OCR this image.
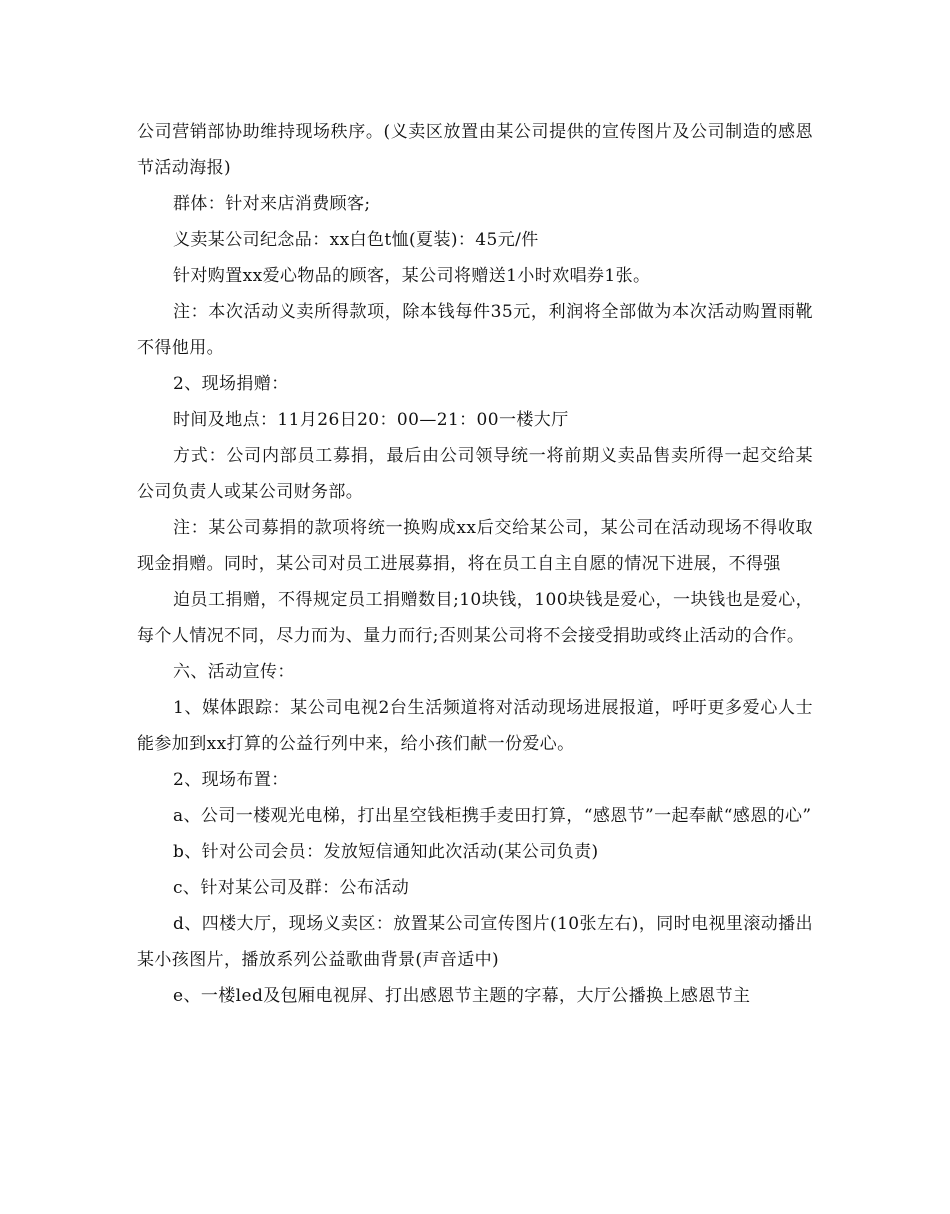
公司营销部协助维持现场秩序。(义卖区放置由某公司提供的宣传图片及公司制造的感恩节活动海报)

群体：针对来店消费顾客;

义卖某公司纪念品：xx白色t恤(夏装)：45元/件

针对购置xx爱心物品的顾客，某公司将赠送1小时欢唱券1张。

注：本次活动义卖所得款项，除本钱每件35元，利润将全部做为本次活动购置雨靴不得他用。

2、现场捐赠：

时间及地点：11月26日20：00—21：00一楼大厅

方式：公司内部员工募捐，最后由公司领导统一将前期义卖品售卖所得一起交给某公司负责人或某公司财务部。

注：某公司募捐的款项将统一换购成xx后交给某公司，某公司在活动现场不得收取现金捐赠。同时，某公司对员工进展募捐，将在员工自主自愿的情况下进展，不得强

迫员工捐赠，不得规定员工捐赠数目;10块钱，100块钱是爱心，一块钱也是爱心，每个人情况不同，尽力而为、量力而行;否则某公司将不会接受捐助或终止活动的合作。

六、活动宣传：

1、媒体跟踪：某公司电视2台生活频道将对活动现场进展报道，呼吁更多爱心人士能参加到xx打算的公益行列中来，给小孩们献一份爱心。

2、现场布置：

a、公司一楼观光电梯，打出星空钱柜携手麦田打算，“感恩节”一起奉献“感恩的心”

b、针对公司会员：发放短信通知此次活动(某公司负责)

c、针对某公司及群：公布活动

d、四楼大厅，现场义卖区：放置某公司宣传图片(10张左右)，同时电视里滚动播出某小孩图片，播放系列公益歌曲背景(声音适中)

e、一楼led及包厢电视屏、打出感恩节主题的字幕，大厅公播换上感恩节主
